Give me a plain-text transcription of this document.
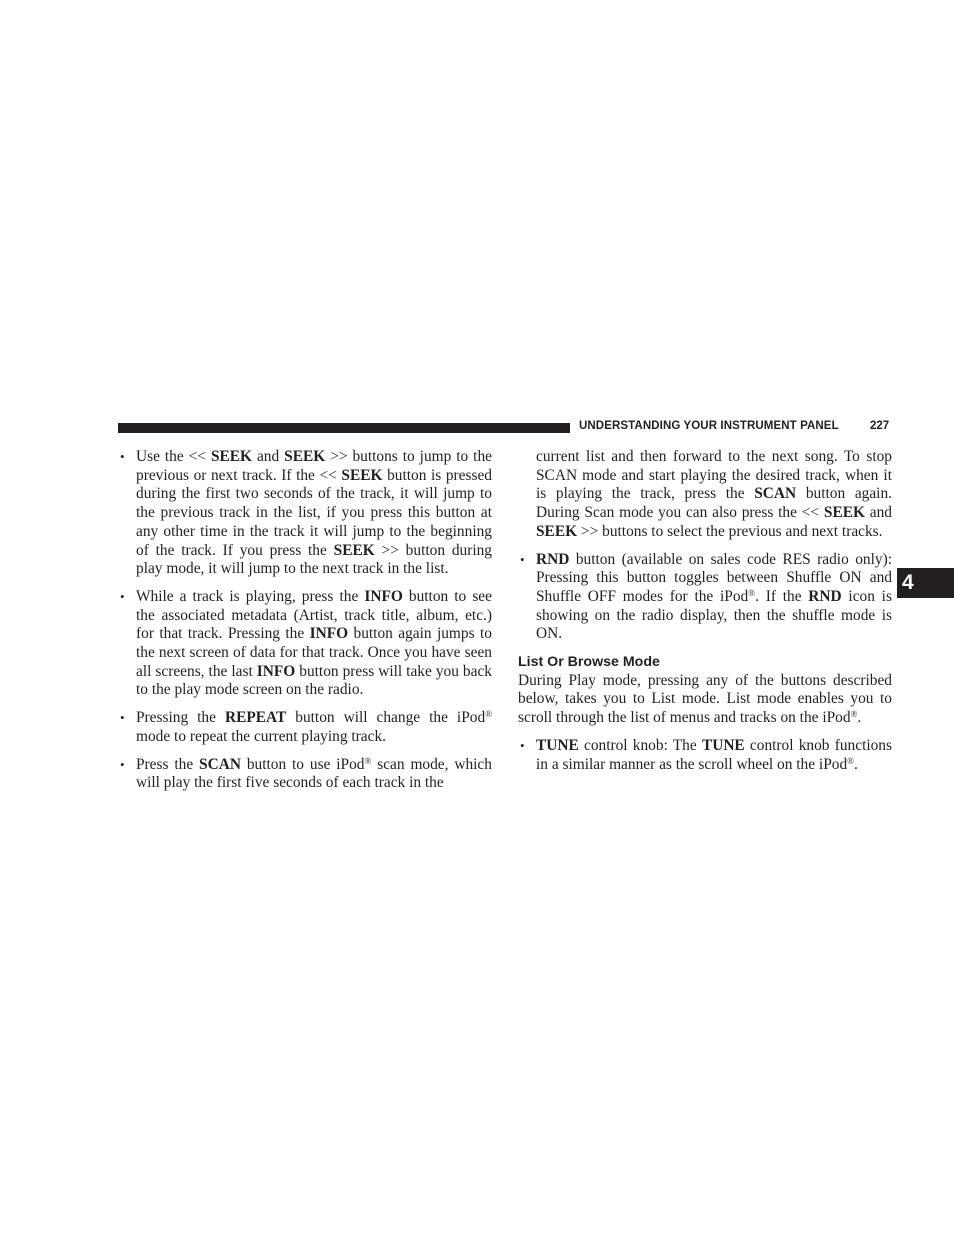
UNDERSTANDING YOUR INSTRUMENT PANEL	227
4
• Use the << SEEK and SEEK >> buttons to jump to the previous or next track. If the << SEEK button is pressed during the first two seconds of the track, it will jump to the previous track in the list, if you press this button at any other time in the track it will jump to the beginning of the track. If you press the SEEK >> button during play mode, it will jump to the next track in the list.

• While a track is playing, press the INFO button to see the associated metadata (Artist, track title, album, etc.) for that track. Pressing the INFO button again jumps to the next screen of data for that track. Once you have seen all screens, the last INFO button press will take you back to the play mode screen on the radio.

• Pressing the REPEAT button will change the iPod® mode to repeat the current playing track.

• Press the SCAN button to use iPod® scan mode, which will play the first five seconds of each track in the

current list and then forward to the next song. To stop SCAN mode and start playing the desired track, when it is playing the track, press the SCAN button again. During Scan mode you can also press the << SEEK and SEEK >> buttons to select the previous and next tracks.

• RND button (available on sales code RES radio only): Pressing this button toggles between Shuffle ON and Shuffle OFF modes for the iPod®. If the RND icon is showing on the radio display, then the shuffle mode is ON.

List Or Browse Mode

During Play mode, pressing any of the buttons described below, takes you to List mode. List mode enables you to scroll through the list of menus and tracks on the iPod®.

• TUNE control knob: The TUNE control knob functions in a similar manner as the scroll wheel on the iPod®.
